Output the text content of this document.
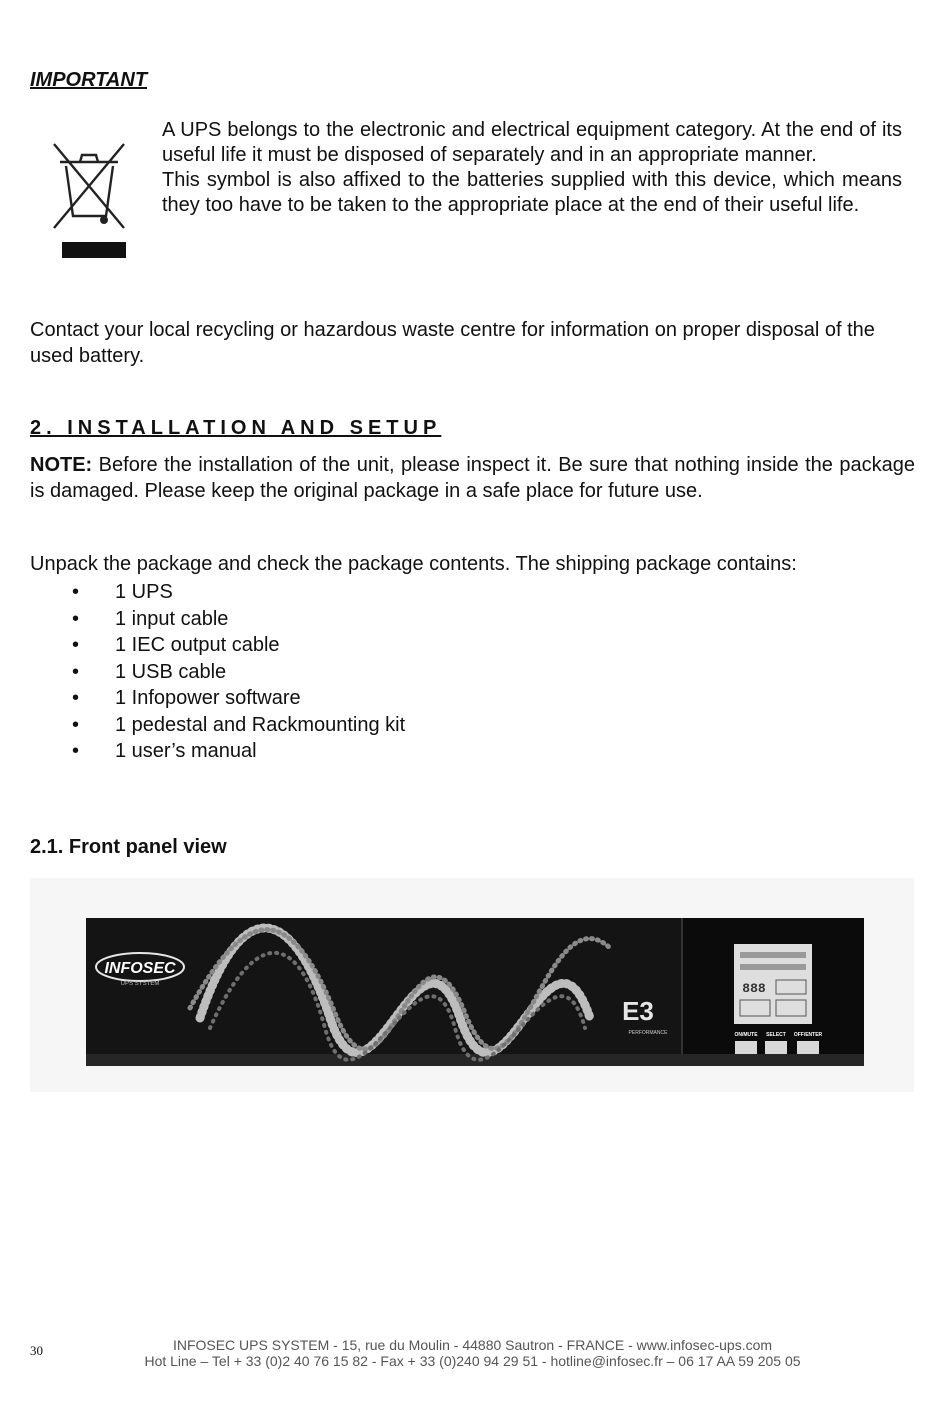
IMPORTANT

A UPS belongs to the electronic and electrical equipment category. At the end of its useful life it must be disposed of separately and in an appropriate manner.

This symbol is also affixed to the batteries supplied with this device, which means they too have to be taken to the appropriate place at the end of their useful life.

Contact your local recycling or hazardous waste centre for information on proper disposal of the used battery.
2. INSTALLATION AND SETUP
NOTE: Before the installation of the unit, please inspect it. Be sure that nothing inside the package is damaged. Please keep the original package in a safe place for future use.
Unpack the package and check the package contents. The shipping package contains:
• 1 UPS
• 1 input cable
• 1 IEC output cable
• 1 USB cable
• 1 Infopower software
• 1 pedestal and Rackmounting kit
• 1 user’s manual
2.1. Front panel view
INFOSEC
UPS SYSTEM
E3
PERFORMANCE
888
ON/MUTE SELECT OFF/ENTER
30	INFOSEC UPS SYSTEM - 15, rue du Moulin - 44880 Sautron - FRANCE - www.infosec-ups.com
Hot Line – Tel + 33 (0)2 40 76 15 82 - Fax + 33 (0)240 94 29 51 - hotline@infosec.fr – 06 17 AA 59 205 05
